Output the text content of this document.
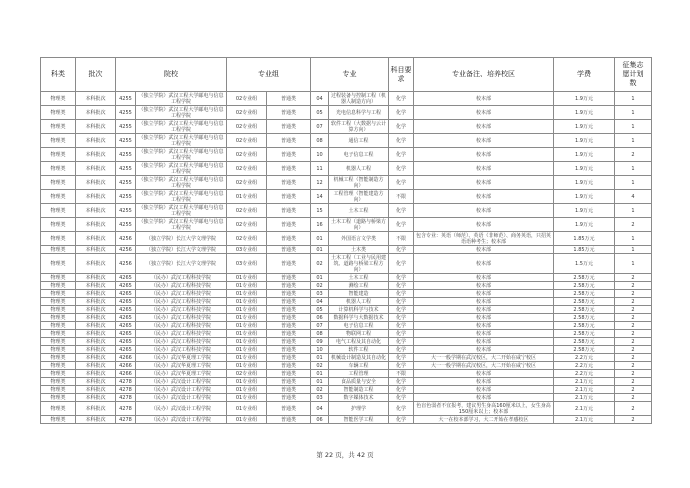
科类	批次	院校		专业组		专业		科目要求	专业备注、培养校区	学费	征集志愿计划数
物理类	本科批次	4255	（独立学院）武汉工程大学邮电与信息工程学院	02专业组	普通类	04	过程装备与控制工程（机器人制造方向）	化学	校本部	1.9万元	1
物理类	本科批次	4255	（独立学院）武汉工程大学邮电与信息工程学院	02专业组	普通类	05	光电信息科学与工程	化学	校本部	1.9万元	1
物理类	本科批次	4255	（独立学院）武汉工程大学邮电与信息工程学院	02专业组	普通类	07	软件工程（大数据与云计算方向）	化学	校本部	1.9万元	1
物理类	本科批次	4255	（独立学院）武汉工程大学邮电与信息工程学院	02专业组	普通类	08	通信工程	化学	校本部	1.9万元	1
物理类	本科批次	4255	（独立学院）武汉工程大学邮电与信息工程学院	02专业组	普通类	10	电子信息工程	化学	校本部	1.9万元	2
物理类	本科批次	4255	（独立学院）武汉工程大学邮电与信息工程学院	02专业组	普通类	11	机器人工程	化学	校本部	1.9万元	1
物理类	本科批次	4255	（独立学院）武汉工程大学邮电与信息工程学院	02专业组	普通类	12	机械工程（智能制造方向）	化学	校本部	1.9万元	1
物理类	本科批次	4255	（独立学院）武汉工程大学邮电与信息工程学院	01专业组	普通类	14	工程管理（智能建造方向）	不限	校本部	1.9万元	4
物理类	本科批次	4255	（独立学院）武汉工程大学邮电与信息工程学院	02专业组	普通类	15	土木工程	化学	校本部	1.9万元	1
物理类	本科批次	4255	（独立学院）武汉工程大学邮电与信息工程学院	02专业组	普通类	16	土木工程（道路与桥梁方向）	化学	校本部	1.9万元	2
物理类	本科批次	4256	（独立学院）长江大学文理学院	02专业组	普通类	01	外国语言文学类	不限	包含专业：英语（师范）、英语（非师范）、商务英语，只招英语语种考生；校本部	1.85万元	1
物理类	本科批次	4256	（独立学院）长江大学文理学院	03专业组	普通类	01	土木类	化学	校本部	1.85万元	1
物理类	本科批次	4256	（独立学院）长江大学文理学院	03专业组	普通类	02	土木工程（工业与民用建筑、道路与桥梁工程方向）	化学	校本部	1.5万元	1
物理类	本科批次	4265	（民办）武汉工程科技学院	01专业组	普通类	01	土木工程	化学	校本部	2.58万元	2
物理类	本科批次	4265	（民办）武汉工程科技学院	01专业组	普通类	02	测绘工程	化学	校本部	2.58万元	2
物理类	本科批次	4265	（民办）武汉工程科技学院	01专业组	普通类	03	智能建造	化学	校本部	2.58万元	2
物理类	本科批次	4265	（民办）武汉工程科技学院	01专业组	普通类	04	机器人工程	化学	校本部	2.58万元	2
物理类	本科批次	4265	（民办）武汉工程科技学院	01专业组	普通类	05	计算机科学与技术	化学	校本部	2.58万元	2
物理类	本科批次	4265	（民办）武汉工程科技学院	01专业组	普通类	06	数据科学与大数据技术	化学	校本部	2.58万元	2
物理类	本科批次	4265	（民办）武汉工程科技学院	01专业组	普通类	07	电子信息工程	化学	校本部	2.58万元	2
物理类	本科批次	4265	（民办）武汉工程科技学院	01专业组	普通类	08	物联网工程	化学	校本部	2.58万元	2
物理类	本科批次	4265	（民办）武汉工程科技学院	01专业组	普通类	09	电气工程及其自动化	化学	校本部	2.58万元	2
物理类	本科批次	4265	（民办）武汉工程科技学院	01专业组	普通类	10	软件工程	化学	校本部	2.58万元	2
物理类	本科批次	4266	（民办）武汉华夏理工学院	01专业组	普通类	01	机械设计制造及其自动化	化学	大一一般学期在武汉校区，大二开始在咸宁校区	2.2万元	2
物理类	本科批次	4266	（民办）武汉华夏理工学院	01专业组	普通类	02	车辆工程	化学	大一一般学期在武汉校区，大二开始在咸宁校区	2.2万元	2
物理类	本科批次	4266	（民办）武汉华夏理工学院	02专业组	普通类	01	工程管理	不限	校本部	2.2万元	2
物理类	本科批次	4278	（民办）武汉设计工程学院	01专业组	普通类	01	食品质量与安全	化学	校本部	2.1万元	2
物理类	本科批次	4278	（民办）武汉设计工程学院	01专业组	普通类	02	智能制造工程	化学	校本部	2.1万元	2
物理类	本科批次	4278	（民办）武汉设计工程学院	01专业组	普通类	03	数字媒体技术	化学	校本部	2.1万元	2
物理类	本科批次	4278	（民办）武汉设计工程学院	01专业组	普通类	04	护理学	化学	色盲色弱者不宜报考，建议男生身高160厘米以上，女生身高150厘米以上；校本部	2.1万元	2
物理类	本科批次	4278	（民办）武汉设计工程学院	01专业组	普通类	06	智能医学工程	化学	大一在校本部学习，大二开始在孝感校区	2.1万元	2
第 22 页，共 42 页
